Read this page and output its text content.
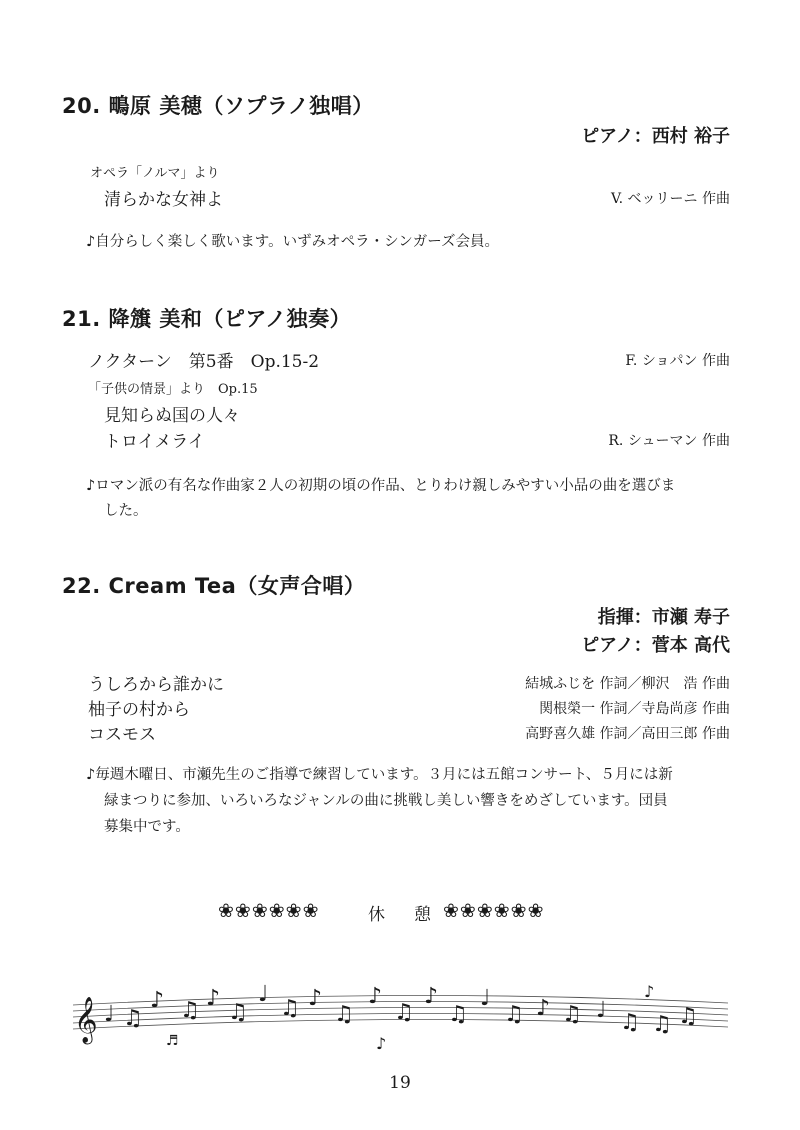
20. 鴫原 美穂（ソプラノ独唱）
ピアノ：西村 裕子
オペラ「ノルマ」より
清らかな女神よ	V. ベッリーニ 作曲
♪自分らしく楽しく歌います。いずみオペラ・シンガーズ会員。
21. 降籏 美和（ピアノ独奏）
ノクターン　第5番　Op.15-2	F. ショパン 作曲
「子供の情景」より　Op.15
見知らぬ国の人々
トロイメライ	R. シューマン 作曲
♪ロマン派の有名な作曲家２人の初期の頃の作品、とりわけ親しみやすい小品の曲を選びま
した。
22. Cream Tea（女声合唱）
指揮：市瀬 寿子
ピアノ：菅本 高代
うしろから誰かに	結城ふじを 作詞／柳沢　浩 作曲
柚子の村から	関根榮一 作詞／寺島尚彦 作曲
コスモス	高野喜久雄 作詞／高田三郎 作曲
♪毎週木曜日、市瀬先生のご指導で練習しています。３月には五館コンサート、５月には新
緑まつりに参加、いろいろなジャンルの曲に挑戦し美しい響きをめざしています。団員
募集中です。
❀❀❀❀❀❀	休　憩 ❀❀❀❀❀❀
𝄞 ♩ ♫
♪
♬
♫ ♪
♫
♩
♫ ♪
♫
♪
♪
♫
♪
♫
♩
♫ ♪ ♫ ♩ ♫
♪
♫ ♫
19
